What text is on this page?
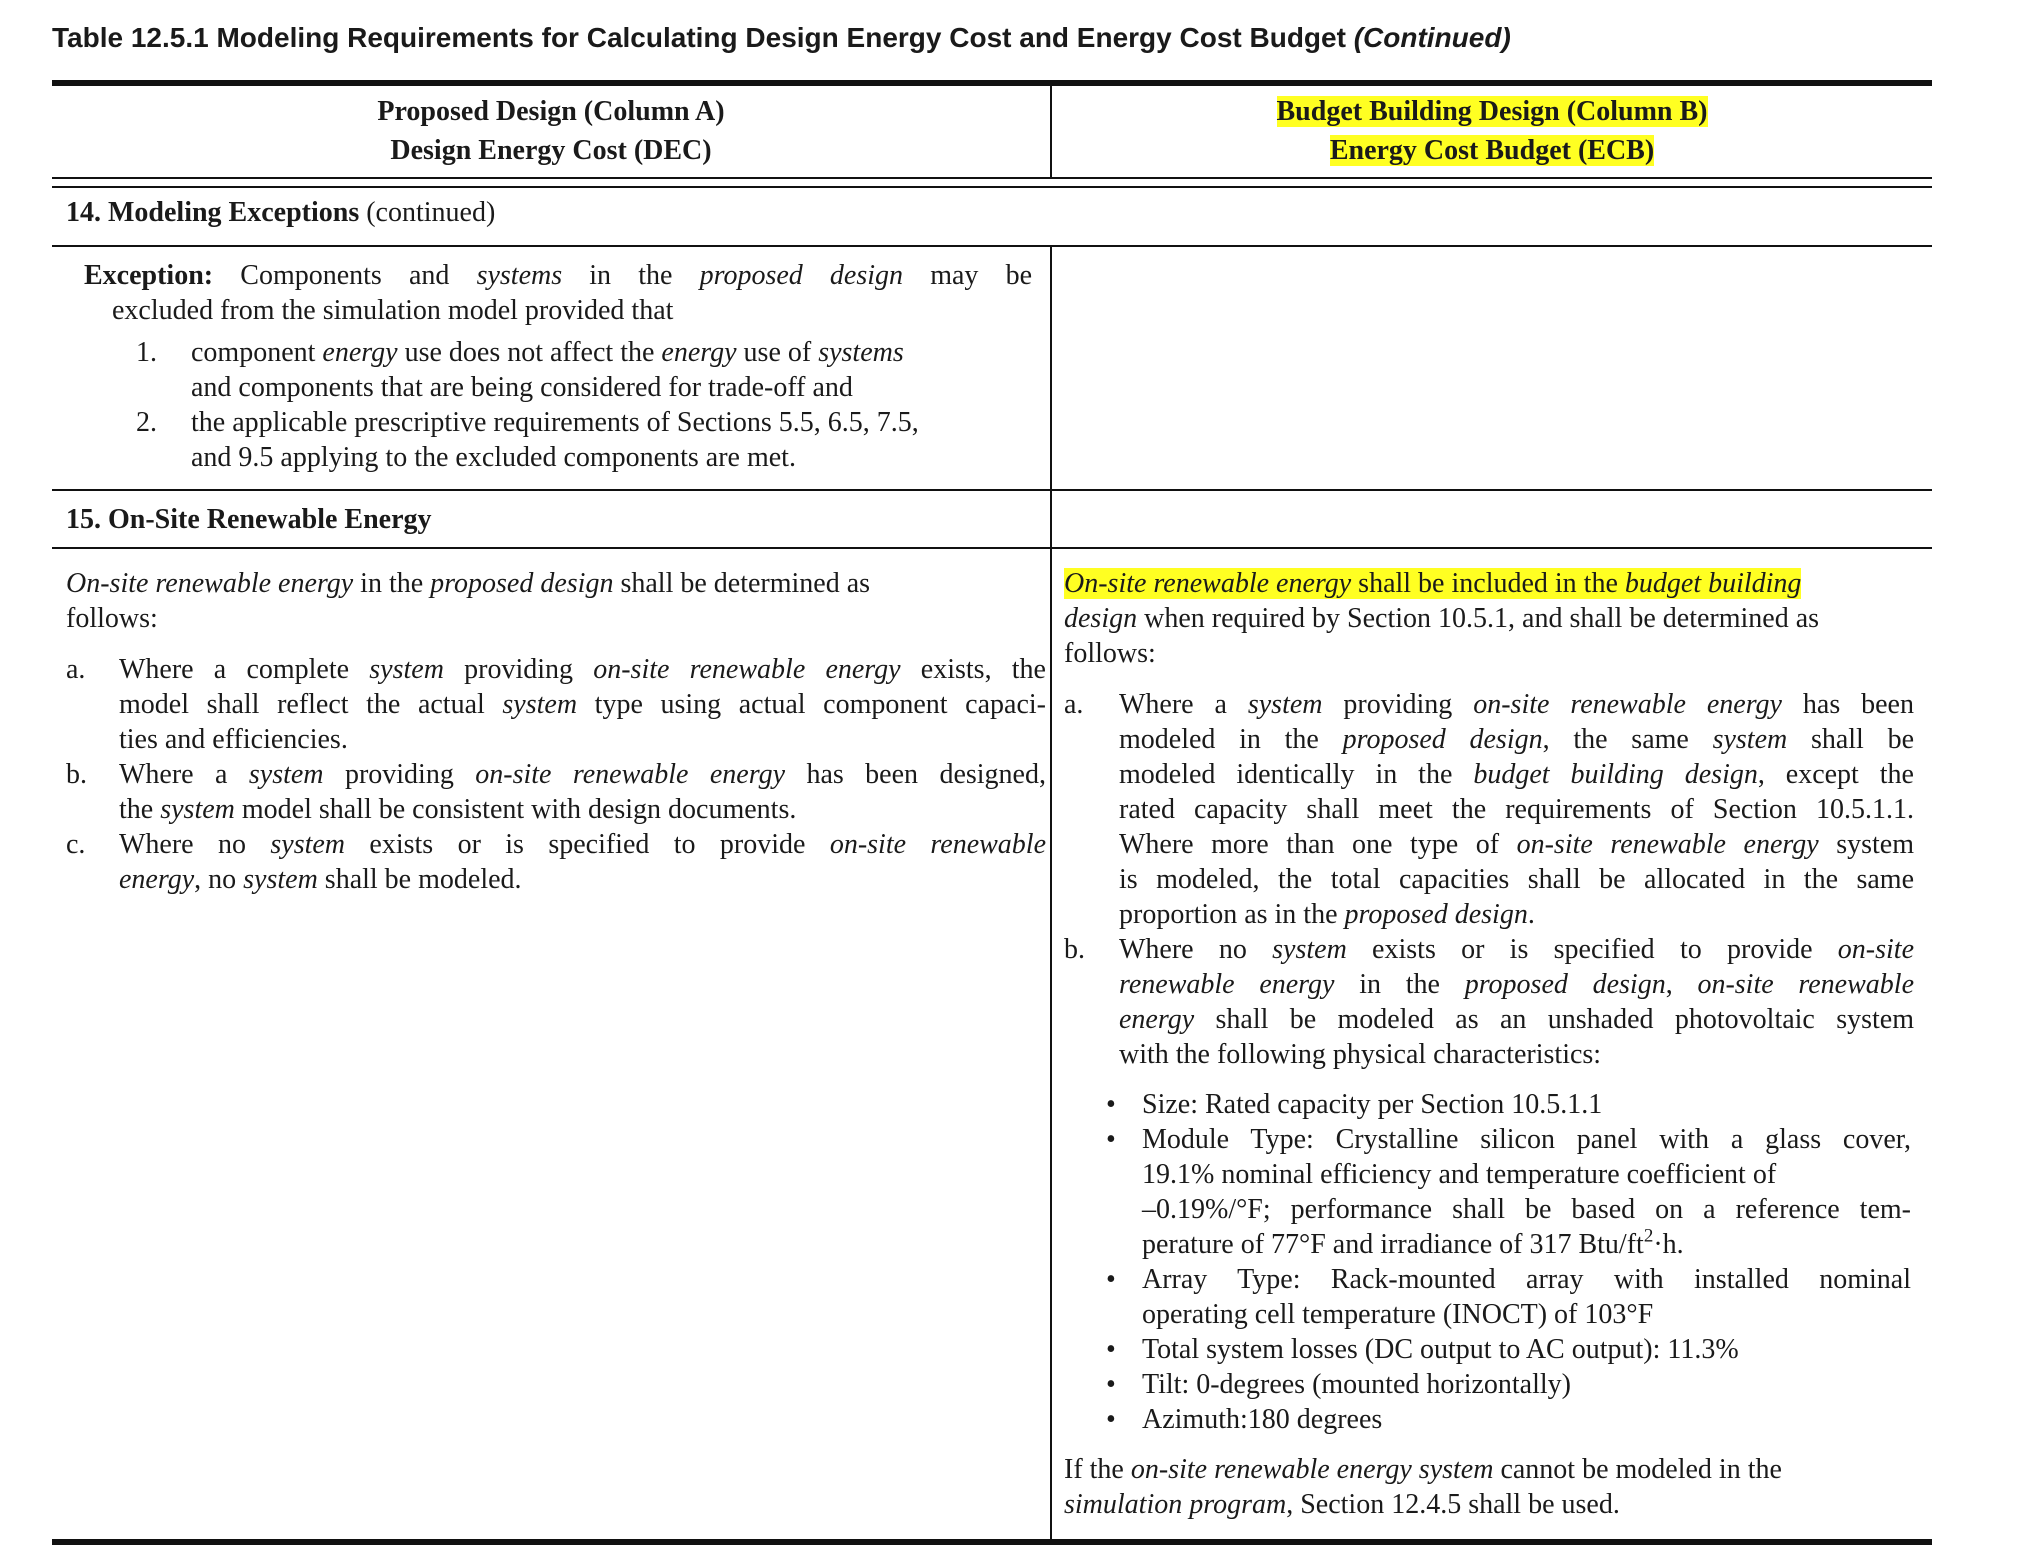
Table 12.5.1 Modeling Requirements for Calculating Design Energy Cost and Energy Cost Budget (Continued)
Proposed Design (Column A)
Design Energy Cost (DEC)
Budget Building Design (Column B)
Energy Cost Budget (ECB)
14. Modeling Exceptions (continued)
Exception: Components and systems in the proposed design may be
excluded from the simulation model provided that
1. component energy use does not affect the energy use of systems
and components that are being considered for trade-off and
2. the applicable prescriptive requirements of Sections 5.5, 6.5, 7.5,
and 9.5 applying to the excluded components are met.
15. On-Site Renewable Energy
On-site renewable energy in the proposed design shall be determined as
follows:
a. Where a complete system providing on-site renewable energy exists, the
model shall reflect the actual system type using actual component capaci-
ties and efficiencies.
b. Where a system providing on-site renewable energy has been designed,
the system model shall be consistent with design documents.
c. Where no system exists or is specified to provide on-site renewable
energy, no system shall be modeled.
On-site renewable energy shall be included in the budget building
design when required by Section 10.5.1, and shall be determined as
follows:
a. Where a system providing on-site renewable energy has been
modeled in the proposed design, the same system shall be
modeled identically in the budget building design, except the
rated capacity shall meet the requirements of Section 10.5.1.1.
Where more than one type of on-site renewable energy system
is modeled, the total capacities shall be allocated in the same
proportion as in the proposed design.
b. Where no system exists or is specified to provide on-site
renewable energy in the proposed design, on-site renewable
energy shall be modeled as an unshaded photovoltaic system
with the following physical characteristics:
• Size: Rated capacity per Section 10.5.1.1
• Module Type: Crystalline silicon panel with a glass cover,
19.1% nominal efficiency and temperature coefficient of
–0.19%/°F; performance shall be based on a reference tem-
perature of 77°F and irradiance of 317 Btu/$ft^2\cdot h$.
• Array Type: Rack-mounted array with installed nominal
operating cell temperature (INOCT) of 103°F
• Total system losses (DC output to AC output): 11.3%
• Tilt: 0-degrees (mounted horizontally)
• Azimuth:180 degrees
If the on-site renewable energy system cannot be modeled in the
simulation program, Section 12.4.5 shall be used.
